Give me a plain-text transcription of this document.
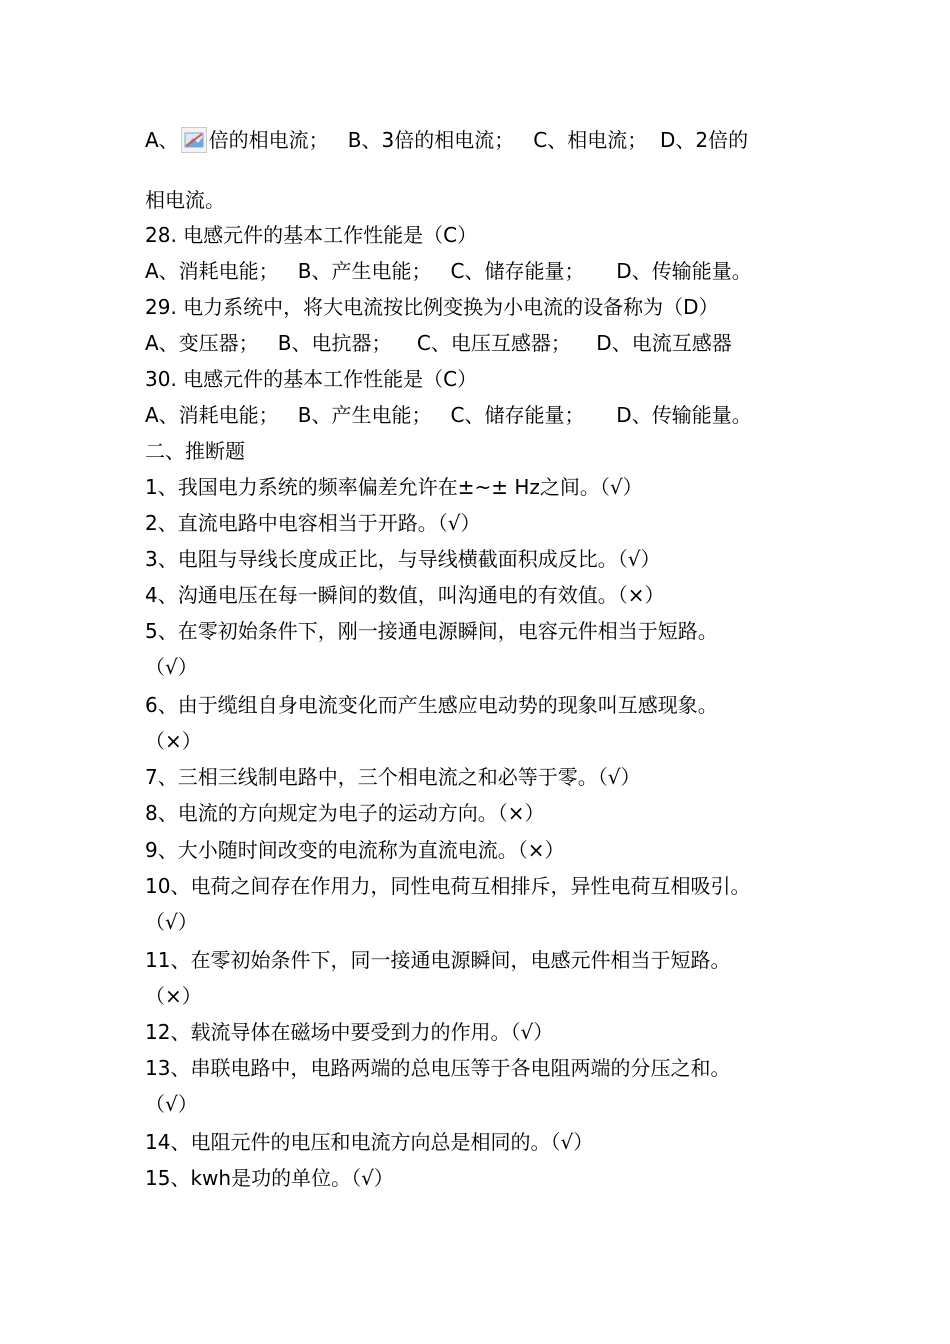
A、 倍的相电流；   B、3倍的相电流；   C、相电流；  D、2倍的
相电流。
28. 电感元件的基本工作性能是（C）
A、消耗电能；   B、产生电能；   C、储存能量；     D、传输能量。
29. 电力系统中，将大电流按比例变换为小电流的设备称为（D）
A、变压器；   B、电抗器；    C、电压互感器；    D、电流互感器
30. 电感元件的基本工作性能是（C）
A、消耗电能；   B、产生电能；   C、储存能量；     D、传输能量。
二、推断题
1、我国电力系统的频率偏差允许在±~± Hz之间。（√）
2、直流电路中电容相当于开路。（√）
3、电阻与导线长度成正比，与导线横截面积成反比。（√）
4、沟通电压在每一瞬间的数值，叫沟通电的有效值。（×）
5、在零初始条件下，刚一接通电源瞬间，电容元件相当于短路。
（√）
6、由于缆组自身电流变化而产生感应电动势的现象叫互感现象。
（×）
7、三相三线制电路中，三个相电流之和必等于零。（√）
8、电流的方向规定为电子的运动方向。（×）
9、大小随时间改变的电流称为直流电流。（×）
10、电荷之间存在作用力，同性电荷互相排斥，异性电荷互相吸引。
（√）
11、在零初始条件下，同一接通电源瞬间，电感元件相当于短路。
（×）
12、载流导体在磁场中要受到力的作用。（√）
13、串联电路中，电路两端的总电压等于各电阻两端的分压之和。
（√）
14、电阻元件的电压和电流方向总是相同的。（√）
15、kwh是功的单位。（√）
